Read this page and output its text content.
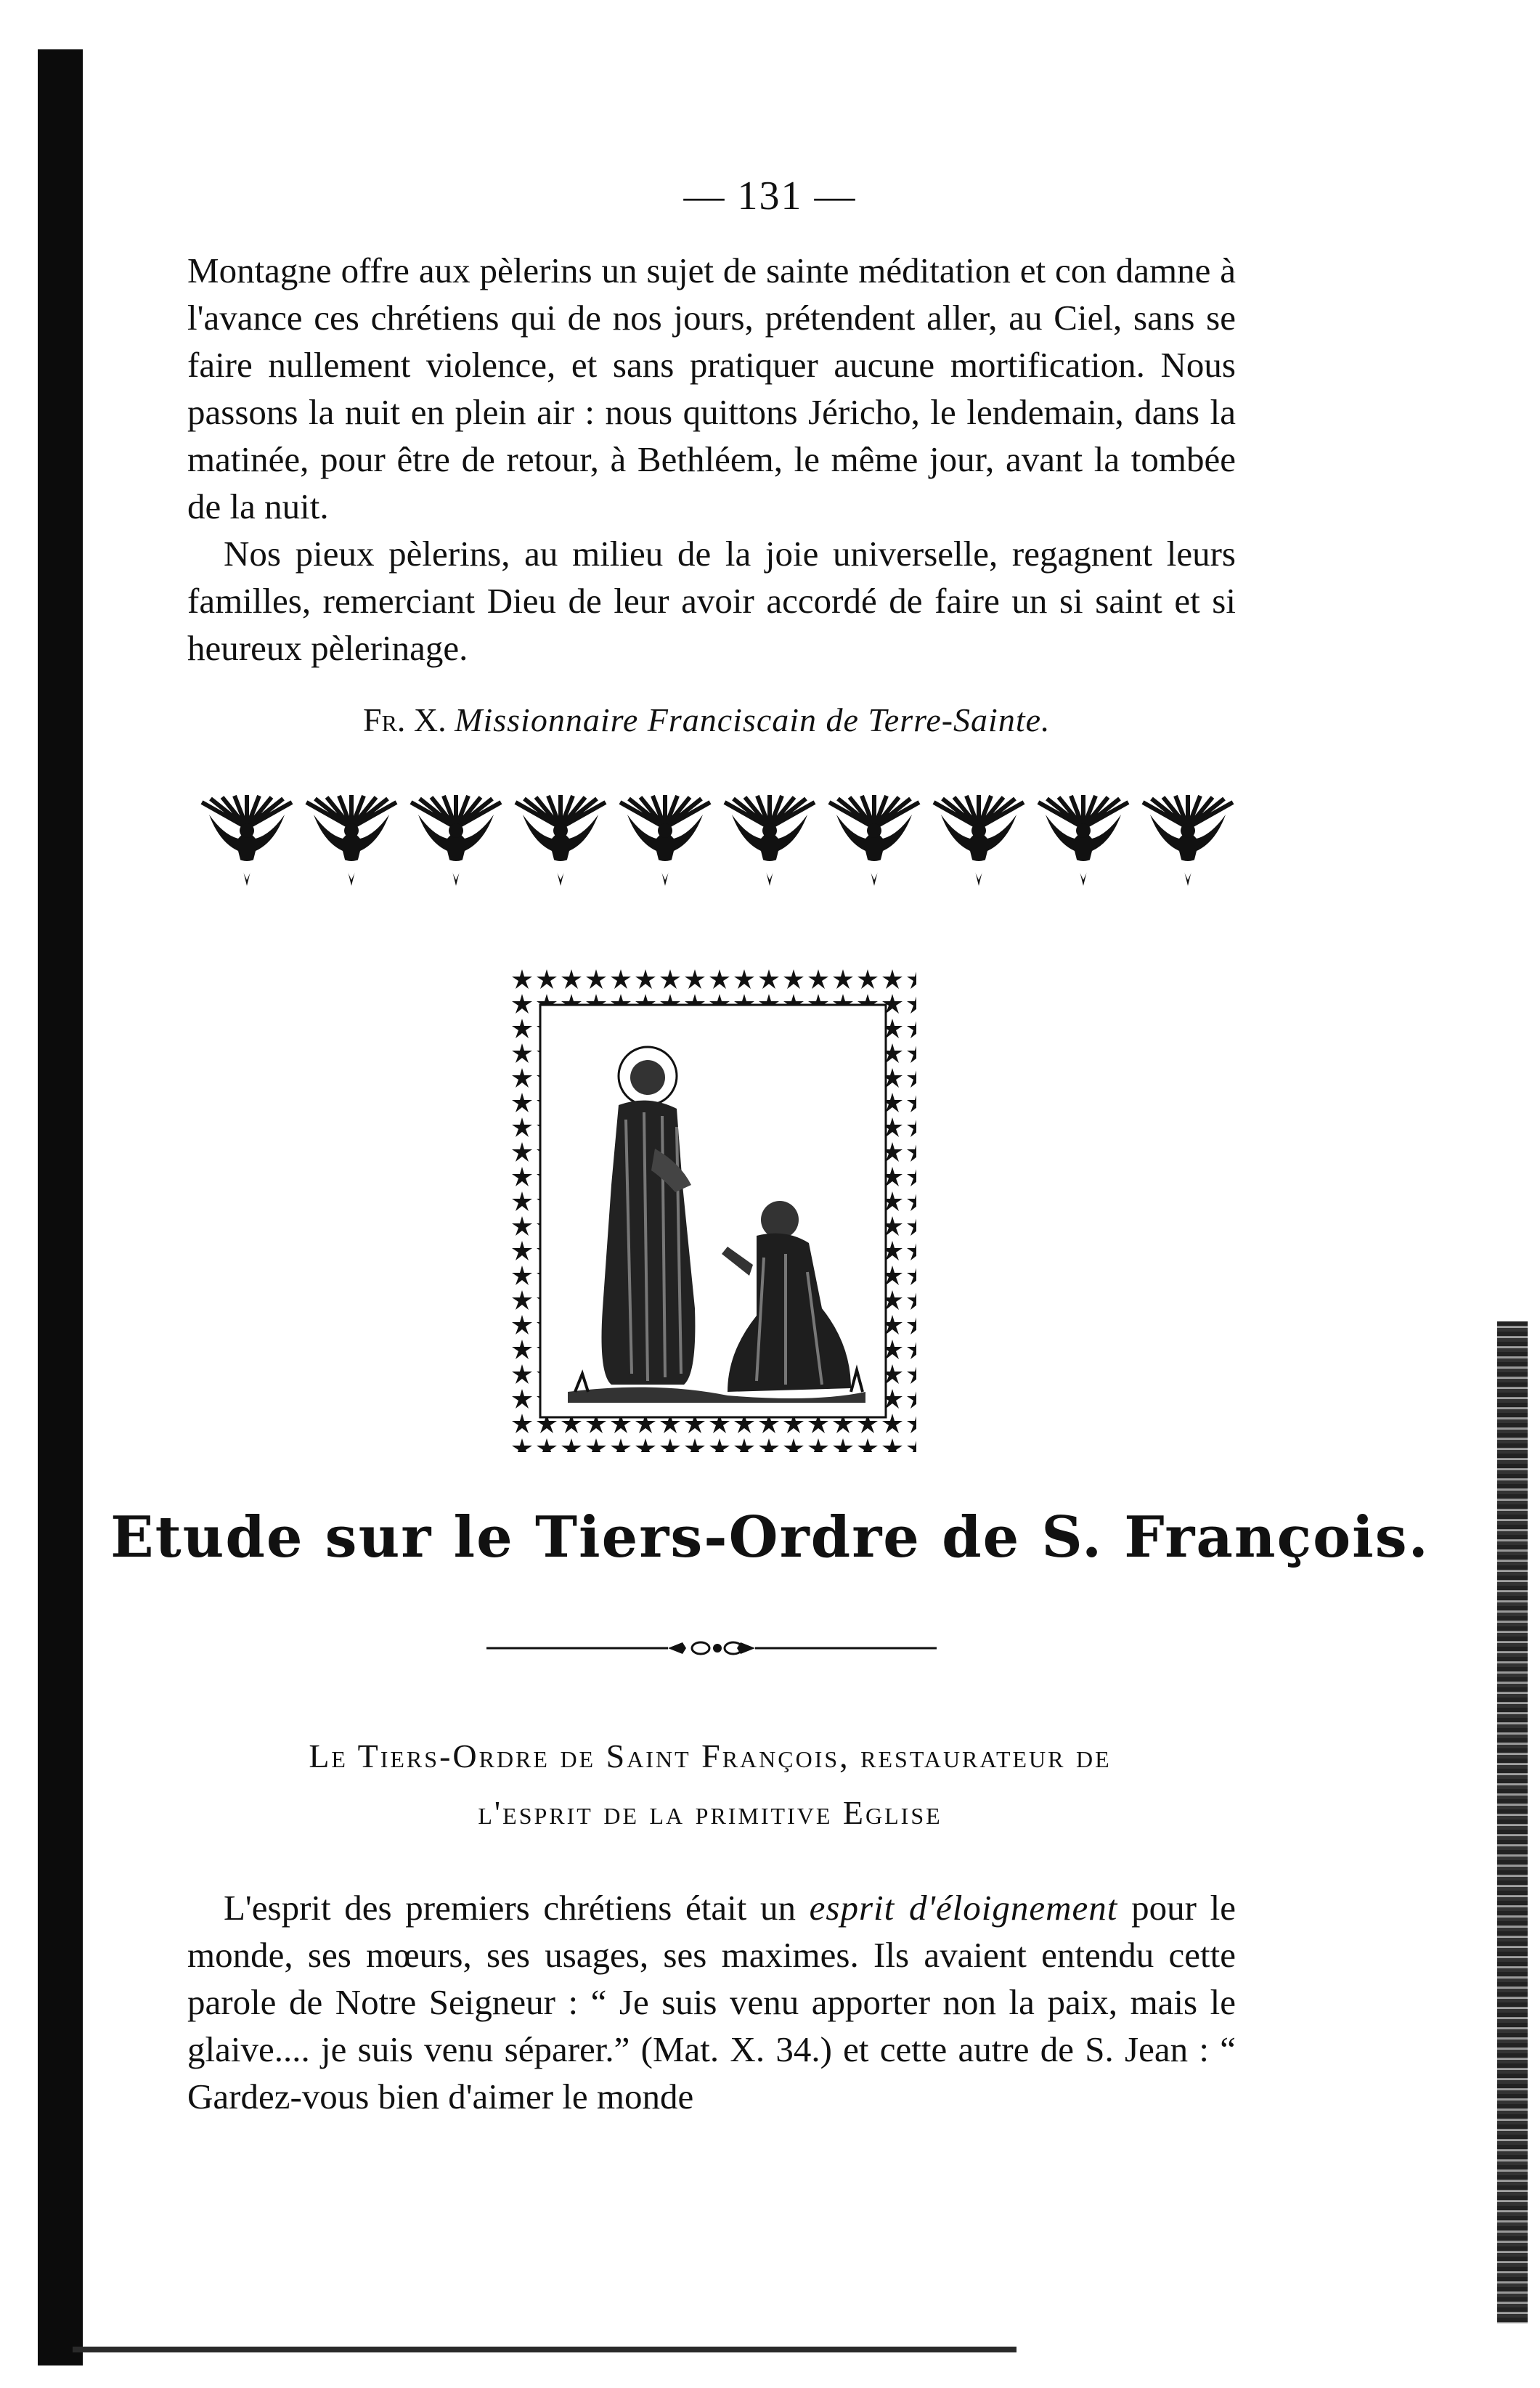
— 131 —

Montagne offre aux pèlerins un sujet de sainte méditation et con damne à l'avance ces chrétiens qui de nos jours, prétendent aller, au Ciel, sans se faire nullement violence, et sans pratiquer aucune mortification. Nous passons la nuit en plein air : nous quittons Jéricho, le lendemain, dans la matinée, pour être de retour, à Bethléem, le même jour, avant la tombée de la nuit.

Nos pieux pèlerins, au milieu de la joie universelle, regagnent leurs familles, remerciant Dieu de leur avoir accordé de faire un si saint et si heureux pèlerinage.

Fr. X. Missionnaire Franciscain de Terre-Sainte.
Etude sur le Tiers-Ordre de S. François.
Le Tiers-Ordre de Saint François, restaurateur de
l'esprit de la primitive Eglise

L'esprit des premiers chrétiens était un esprit d'éloignement pour le monde, ses mœurs, ses usages, ses maximes. Ils avaient entendu cette parole de Notre Seigneur : “ Je suis venu apporter non la paix, mais le glaive.... je suis venu séparer.” (Mat. X. 34.) et cette autre de S. Jean : “ Gardez-vous bien d'aimer le monde
